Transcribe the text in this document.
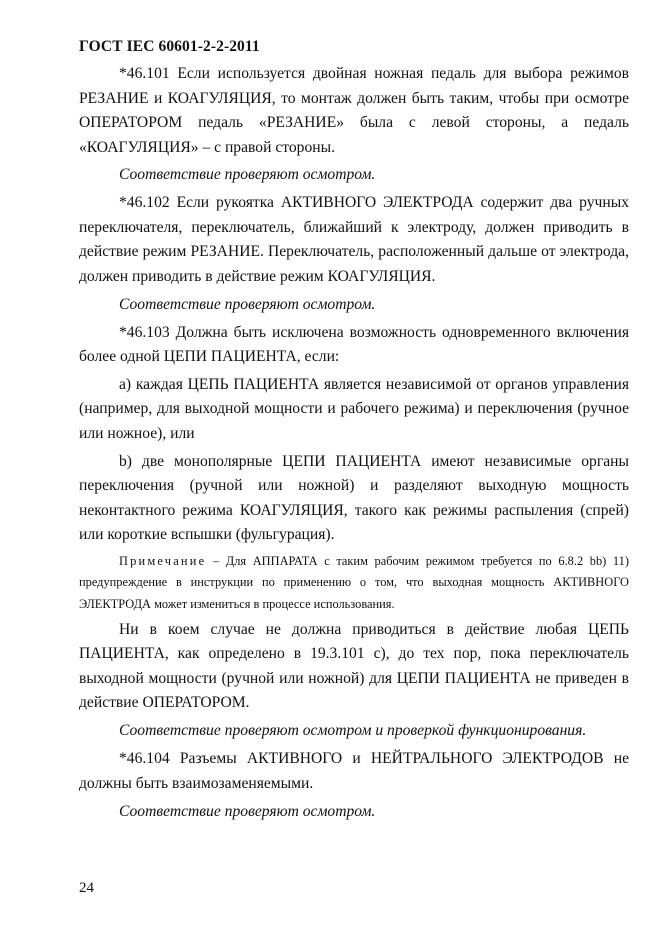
ГОСТ IEC 60601-2-2-2011

*46.101 Если используется двойная ножная педаль для выбора режимов РЕЗАНИЕ и КОАГУЛЯЦИЯ, то монтаж должен быть таким, чтобы при осмотре ОПЕРАТОРОМ педаль «РЕЗАНИЕ» была с левой стороны, а педаль «КОАГУЛЯЦИЯ» – с правой стороны.

Соответствие проверяют осмотром.

*46.102 Если рукоятка АКТИВНОГО ЭЛЕКТРОДА содержит два ручных переключателя, переключатель, ближайший к электроду, должен приводить в действие режим РЕЗАНИЕ. Переключатель, расположенный дальше от электрода, должен приводить в действие режим КОАГУЛЯЦИЯ.

Соответствие проверяют осмотром.

*46.103 Должна быть исключена возможность одновременного включения более одной ЦЕПИ ПАЦИЕНТА, если:

a) каждая ЦЕПЬ ПАЦИЕНТА является независимой от органов управления (например, для выходной мощности и рабочего режима) и переключения (ручное или ножное), или

b) две монополярные ЦЕПИ ПАЦИЕНТА имеют независимые органы переключения (ручной или ножной) и разделяют выходную мощность неконтактного режима КОАГУЛЯЦИЯ, такого как режимы распыления (спрей) или короткие вспышки (фульгурация).

Примечание – Для АППАРАТА с таким рабочим режимом требуется по 6.8.2 bb) 11) предупреждение в инструкции по применению о том, что выходная мощность АКТИВНОГО ЭЛЕКТРОДА может измениться в процессе использования.

Ни в коем случае не должна приводиться в действие любая ЦЕПЬ ПАЦИЕНТА, как определено в 19.3.101 c), до тех пор, пока переключатель выходной мощности (ручной или ножной) для ЦЕПИ ПАЦИЕНТА не приведен в действие ОПЕРАТОРОМ.

Соответствие проверяют осмотром и проверкой функционирования.

*46.104 Разъемы АКТИВНОГО и НЕЙТРАЛЬНОГО ЭЛЕКТРОДОВ не должны быть взаимозаменяемыми.

Соответствие проверяют осмотром.

24
